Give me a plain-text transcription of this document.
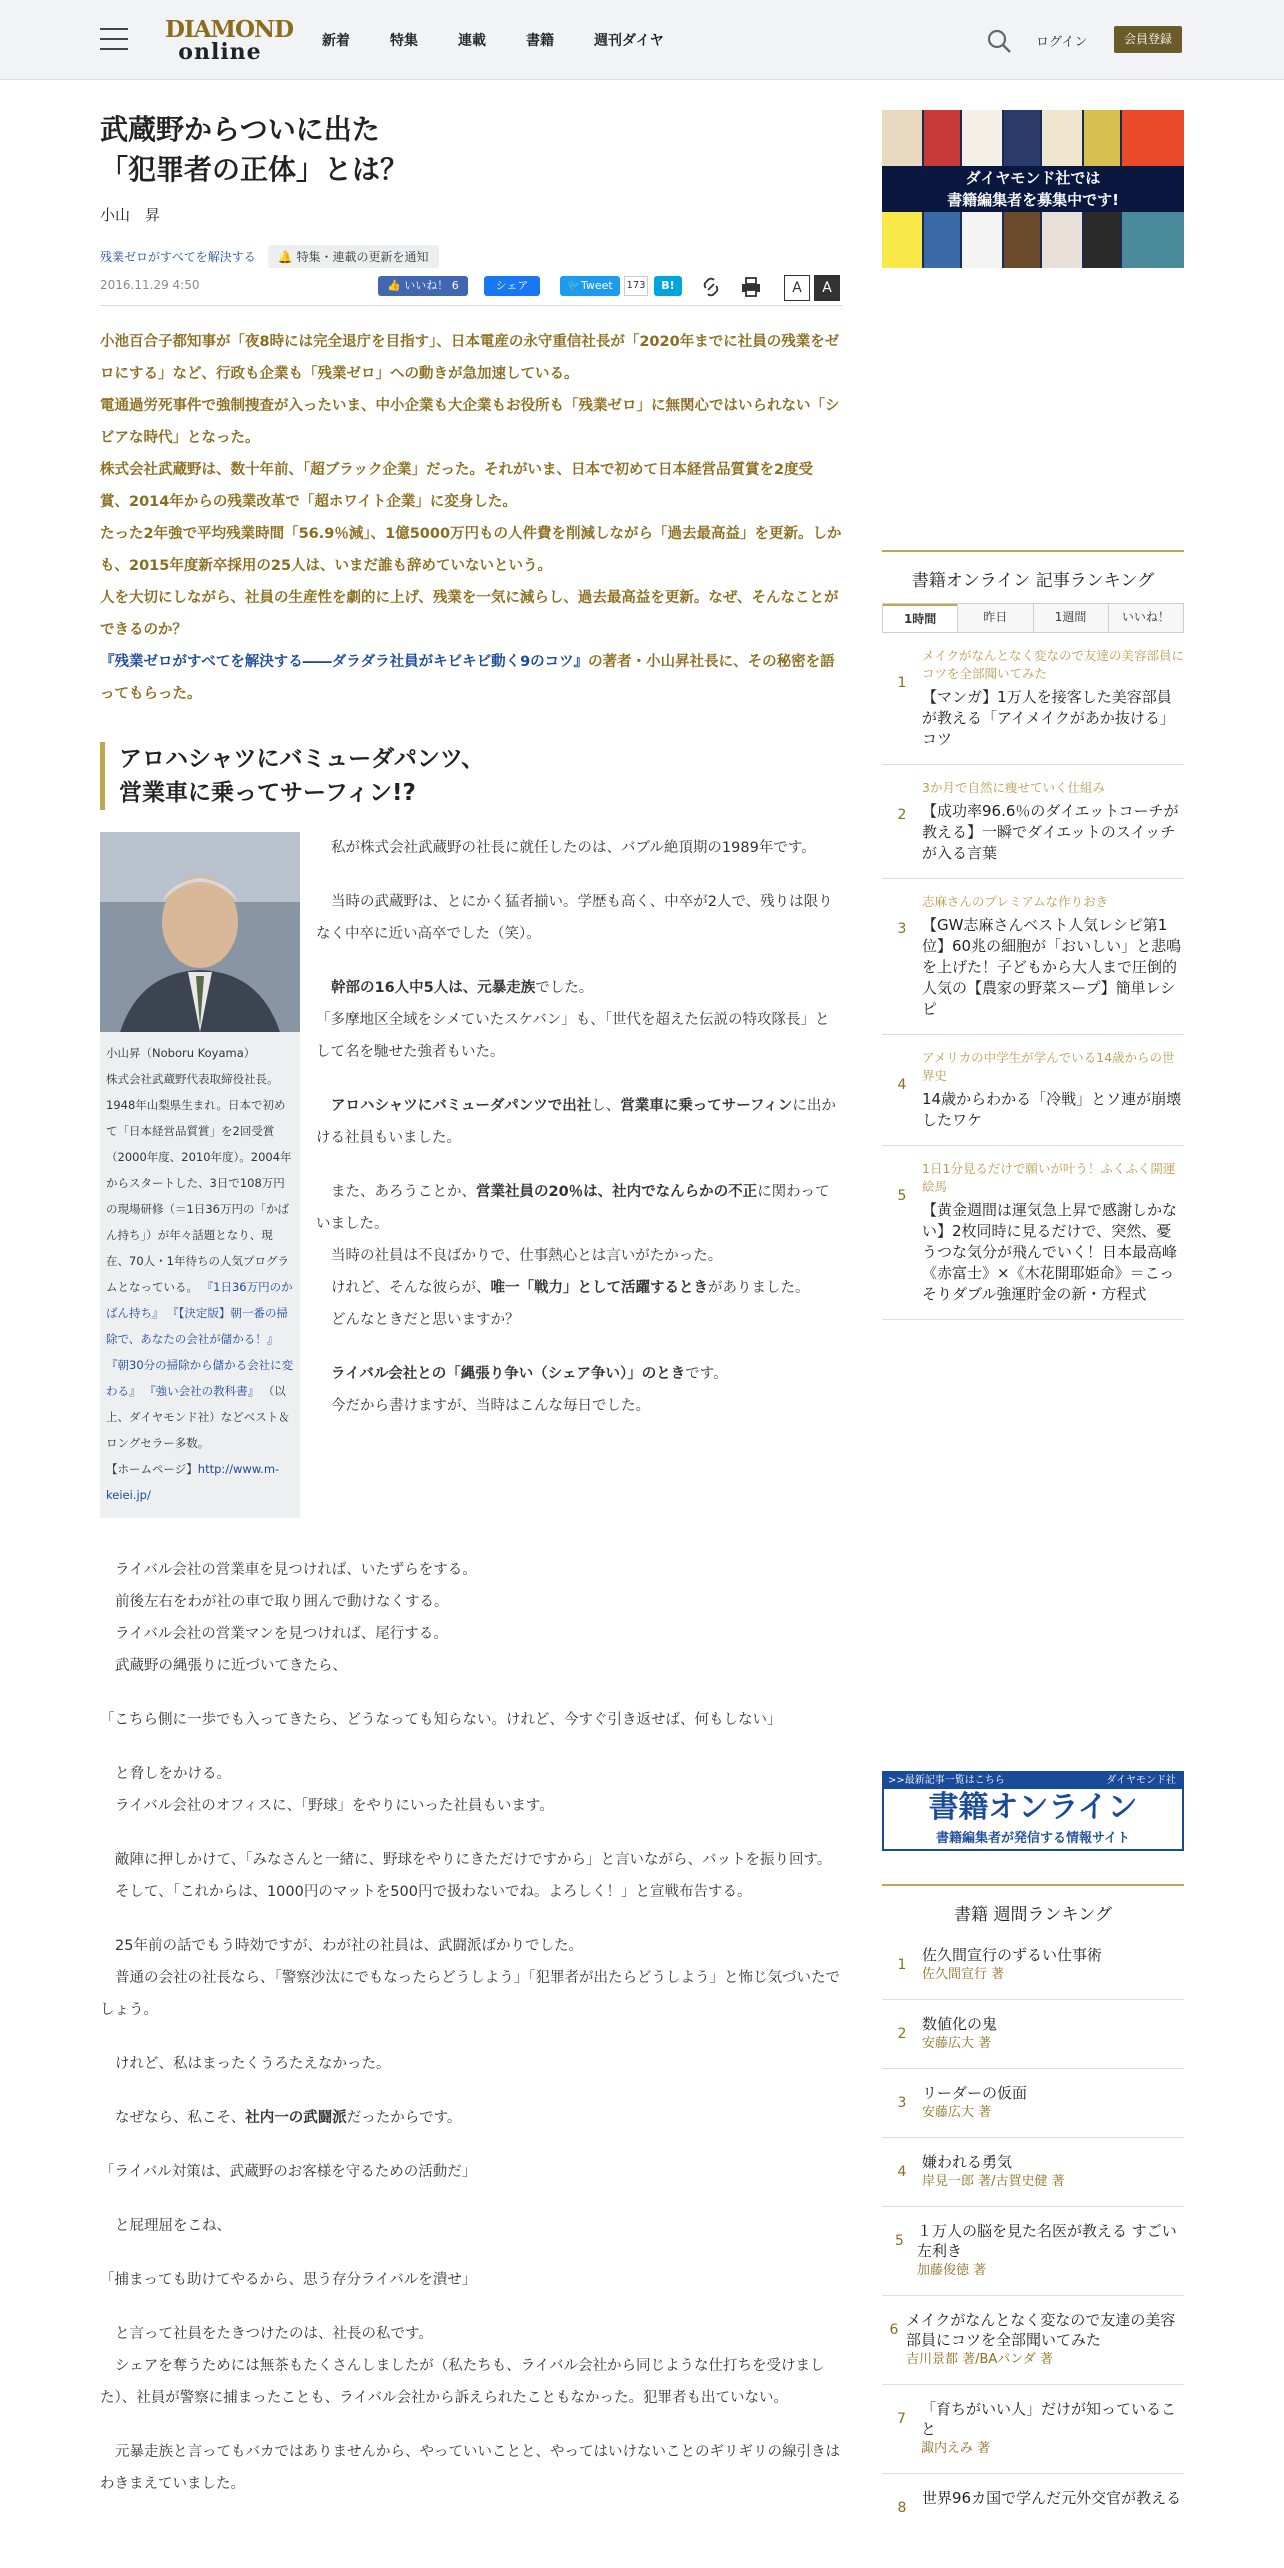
DIAMOND
online	新着	特集	連載	書籍	週刊ダイヤ	ログイン	会員登録
武蔵野からついに出た
「犯罪者の正体」とは？
小山　昇
残業ゼロがすべてを解決する	🔔 特集・連載の更新を通知
2016.11.29 4:50	👍 いいね！ 6	シェア	🐦Tweet	173	B!	A	A

小池百合子都知事が「夜8時には完全退庁を目指す」、日本電産の永守重信社長が「2020年までに社員の残業をゼロにする」など、行政も企業も「残業ゼロ」への動きが急加速している。

電通過労死事件で強制捜査が入ったいま、中小企業も大企業もお役所も「残業ゼロ」に無関心ではいられない「シビアな時代」となった。

株式会社武蔵野は、数十年前、「超ブラック企業」だった。それがいま、日本で初めて日本経営品質賞を2度受賞、2014年からの残業改革で「超ホワイト企業」に変身した。

たった2年強で平均残業時間「56.9％減」、1億5000万円もの人件費を削減しながら「過去最高益」を更新。しかも、2015年度新卒採用の25人は、いまだ誰も辞めていないという。

人を大切にしながら、社員の生産性を劇的に上げ、残業を一気に減らし、過去最高益を更新。なぜ、そんなことができるのか？

『残業ゼロがすべてを解決する――ダラダラ社員がキビキビ動く9のコツ』の著者・小山昇社長に、その秘密を語ってもらった。

アロハシャツにバミューダパンツ、
営業車に乗ってサーフィン!?
小山昇（Noboru Koyama）
株式会社武蔵野代表取締役社長。1948年山梨県生まれ。日本で初めて「日本経営品質賞」を2回受賞（2000年度、2010年度）。2004年からスタートした、3日で108万円の現場研修（＝1日36万円の「かばん持ち」）が年々話題となり、現在、70人・1年待ちの人気プログラムとなっている。 『1日36万円のかばん持ち』 『【決定版】朝一番の掃除で、あなたの会社が儲かる！』 『朝30分の掃除から儲かる会社に変わる』 『強い会社の教科書』 （以上、ダイヤモンド社）などベスト＆ロングセラー多数。
【ホームページ】http://www.m-keiei.jp/

私が株式会社武蔵野の社長に就任したのは、バブル絶頂期の1989年です。

当時の武蔵野は、とにかく猛者揃い。学歴も高く、中卒が2人で、残りは限りなく中卒に近い高卒でした（笑）。

幹部の16人中5人は、元暴走族でした。

「多摩地区全域をシメていたスケバン」も、「世代を超えた伝説の特攻隊長」として名を馳せた強者もいた。

アロハシャツにバミューダパンツで出社し、営業車に乗ってサーフィンに出かける社員もいました。

また、あろうことか、営業社員の20％は、社内でなんらかの不正に関わっていました。

当時の社員は不良ばかりで、仕事熱心とは言いがたかった。

けれど、そんな彼らが、唯一「戦力」として活躍するときがありました。

どんなときだと思いますか？

ライバル会社との「縄張り争い（シェア争い）」のときです。

今だから書けますが、当時はこんな毎日でした。

ライバル会社の営業車を見つければ、いたずらをする。

前後左右をわが社の車で取り囲んで動けなくする。

ライバル会社の営業マンを見つければ、尾行する。

武蔵野の縄張りに近づいてきたら、

「こちら側に一歩でも入ってきたら、どうなっても知らない。けれど、今すぐ引き返せば、何もしない」

と脅しをかける。

ライバル会社のオフィスに、「野球」をやりにいった社員もいます。

敵陣に押しかけて、「みなさんと一緒に、野球をやりにきただけですから」と言いながら、バットを振り回す。

そして、「これからは、1000円のマットを500円で扱わないでね。よろしく！」と宣戦布告する。

25年前の話でもう時効ですが、わが社の社員は、武闘派ばかりでした。

普通の会社の社長なら、「警察沙汰にでもなったらどうしよう」「犯罪者が出たらどうしよう」と怖じ気づいたでしょう。

けれど、私はまったくうろたえなかった。

なぜなら、私こそ、社内一の武闘派だったからです。

「ライバル対策は、武蔵野のお客様を守るための活動だ」

と屁理屈をこね、

「捕まっても助けてやるから、思う存分ライバルを潰せ」

と言って社員をたきつけたのは、社長の私です。

シェアを奪うためには無茶もたくさんしましたが（私たちも、ライバル会社から同じような仕打ちを受けました）、社員が警察に捕まったことも、ライバル会社から訴えられたこともなかった。犯罪者も出ていない。

元暴走族と言ってもバカではありませんから、やっていいことと、やってはいけないことのギリギリの線引きはわきまえていました。

ダイヤモンド社では
書籍編集者を募集中です!
書籍オンライン 記事ランキング
1時間	昨日	1週間	いいね！
1
メイクがなんとなく変なので友達の美容部員にコツを全部聞いてみた
【マンガ】1万人を接客した美容部員が教える「アイメイクがあか抜ける」コツ
2
3か月で自然に痩せていく仕組み
【成功率96.6％のダイエットコーチが教える】一瞬でダイエットのスイッチが入る言葉
3
志麻さんのプレミアムな作りおき
【GW志麻さんベスト人気レシピ第1位】60兆の細胞が「おいしい」と悲鳴を上げた！子どもから大人まで圧倒的人気の【農家の野菜スープ】簡単レシピ
4
アメリカの中学生が学んでいる14歳からの世界史
14歳からわかる「冷戦」とソ連が崩壊したワケ
5
1日1分見るだけで願いが叶う！ふくふく開運絵馬
【黄金週間は運気急上昇で感謝しかない】2枚同時に見るだけで、突然、憂うつな気分が飛んでいく！日本最高峰《赤富士》×《木花開耶姫命》＝こっそりダブル強運貯金の新・方程式
>>最新記事一覧はこちら	ダイヤモンド社
書籍オンライン
書籍編集者が発信する情報サイト
書籍 週間ランキング
1
佐久間宣行のずるい仕事術
佐久間宣行 著
2
数値化の鬼
安藤広大 著
3
リーダーの仮面
安藤広大 著
4
嫌われる勇気
岸見一郎 著/古賀史健 著
5
１万人の脳を見た名医が教える すごい左利き
加藤俊徳 著
6
メイクがなんとなく変なので友達の美容部員にコツを全部聞いてみた
吉川景都 著/BAパンダ 著
7
「育ちがいい人」だけが知っていること
諏内えみ 著
8
世界96カ国で学んだ元外交官が教える
